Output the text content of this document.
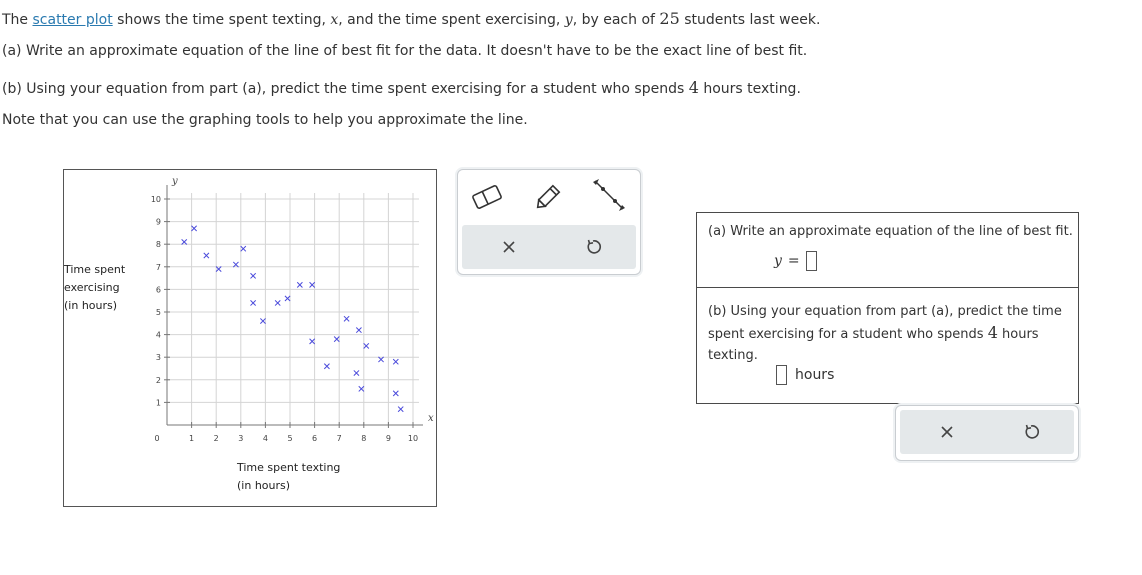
The scatter plot shows the time spent texting, x, and the time spent exercising, y, by each of 25 students last week.

(a) Write an approximate equation of the line of best fit for the data. It doesn't have to be the exact line of best fit.

(b) Using your equation from part (a), predict the time spent exercising for a student who spends 4 hours texting.

Note that you can use the graphing tools to help you approximate the line.

x
y
0	1 2 3 4 5 6 7 8 9 10
1
2
3
4
5
6
7
8
9
10
Time spent
exercising
(in hours)
Time spent texting
(in hours)
(a) Write an approximate equation of the line of best fit.
y =
(b) Using your equation from part (a), predict the time spent exercising for a student who spends 4 hours texting.
hours
